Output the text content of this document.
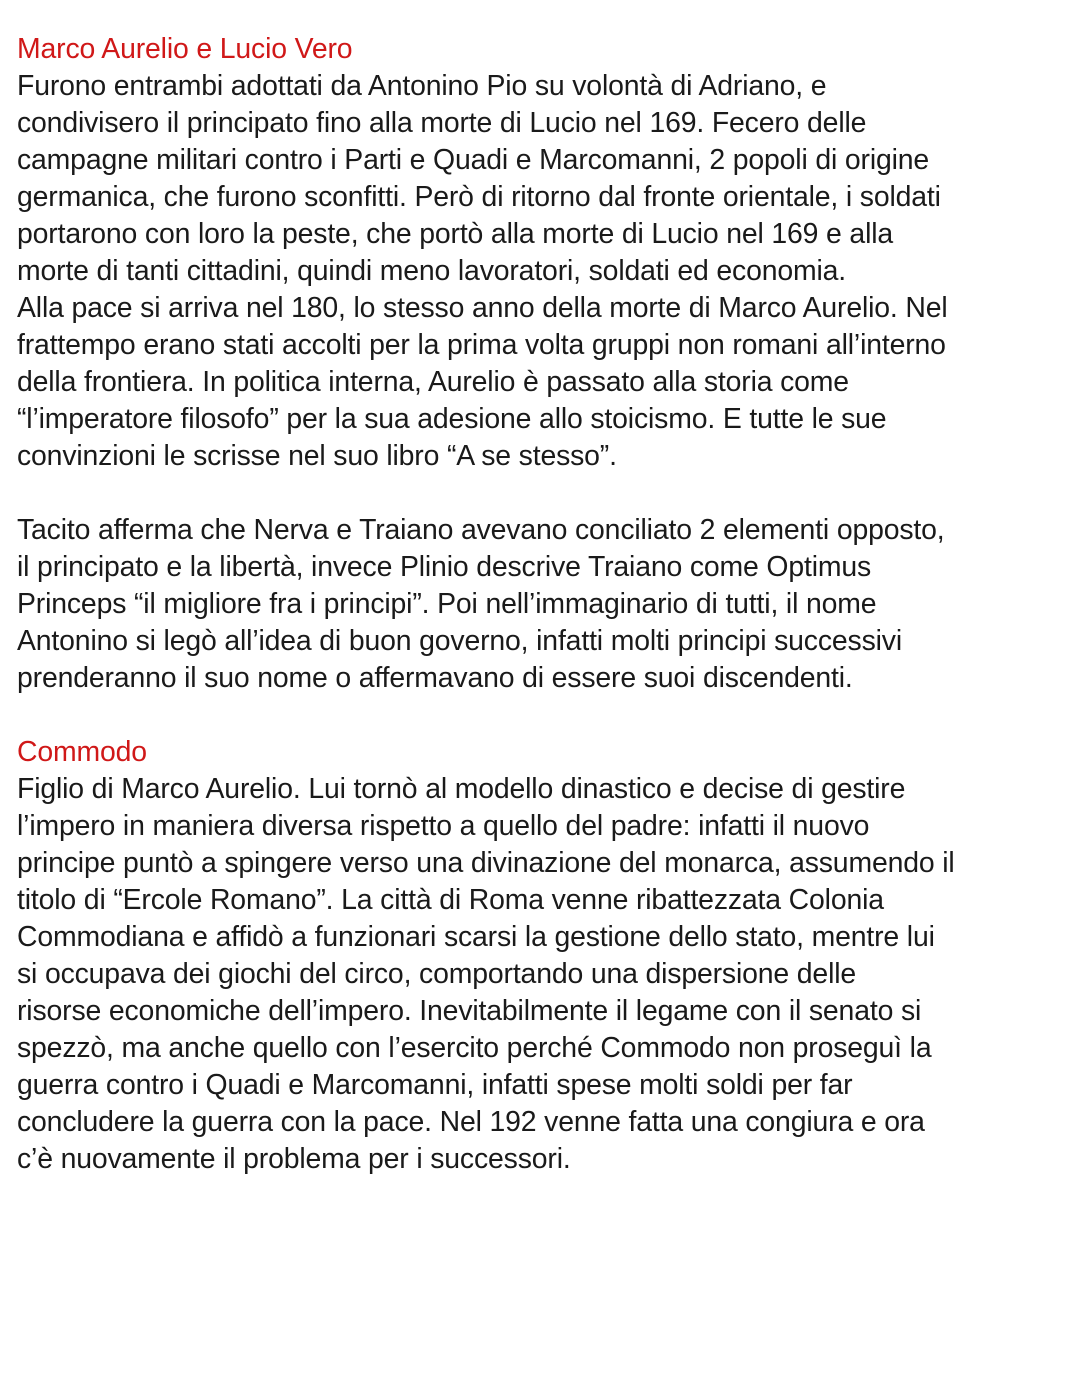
Marco Aurelio e Lucio Vero

Furono entrambi adottati da Antonino Pio su volontà di Adriano, e
condivisero il principato fino alla morte di Lucio nel 169. Fecero delle
campagne militari contro i Parti e Quadi e Marcomanni, 2 popoli di origine
germanica, che furono sconfitti. Però di ritorno dal fronte orientale, i soldati
portarono con loro la peste, che portò alla morte di Lucio nel 169 e alla
morte di tanti cittadini, quindi meno lavoratori, soldati ed economia.

Alla pace si arriva nel 180, lo stesso anno della morte di Marco Aurelio. Nel
frattempo erano stati accolti per la prima volta gruppi non romani all’interno
della frontiera. In politica interna, Aurelio è passato alla storia come
“l’imperatore filosofo” per la sua adesione allo stoicismo. E tutte le sue
convinzioni le scrisse nel suo libro “A se stesso”.

Tacito afferma che Nerva e Traiano avevano conciliato 2 elementi opposto,
il principato e la libertà, invece Plinio descrive Traiano come Optimus
Princeps “il migliore fra i principi”. Poi nell’immaginario di tutti, il nome
Antonino si legò all’idea di buon governo, infatti molti principi successivi
prenderanno il suo nome o affermavano di essere suoi discendenti.

Commodo

Figlio di Marco Aurelio. Lui tornò al modello dinastico e decise di gestire
l’impero in maniera diversa rispetto a quello del padre: infatti il nuovo
principe puntò a spingere verso una divinazione del monarca, assumendo il
titolo di “Ercole Romano”. La città di Roma venne ribattezzata Colonia
Commodiana e affidò a funzionari scarsi la gestione dello stato, mentre lui
si occupava dei giochi del circo, comportando una dispersione delle
risorse economiche dell’impero. Inevitabilmente il legame con il senato si
spezzò, ma anche quello con l’esercito perché Commodo non proseguì la
guerra contro i Quadi e Marcomanni, infatti spese molti soldi per far
concludere la guerra con la pace. Nel 192 venne fatta una congiura e ora
c’è nuovamente il problema per i successori.
